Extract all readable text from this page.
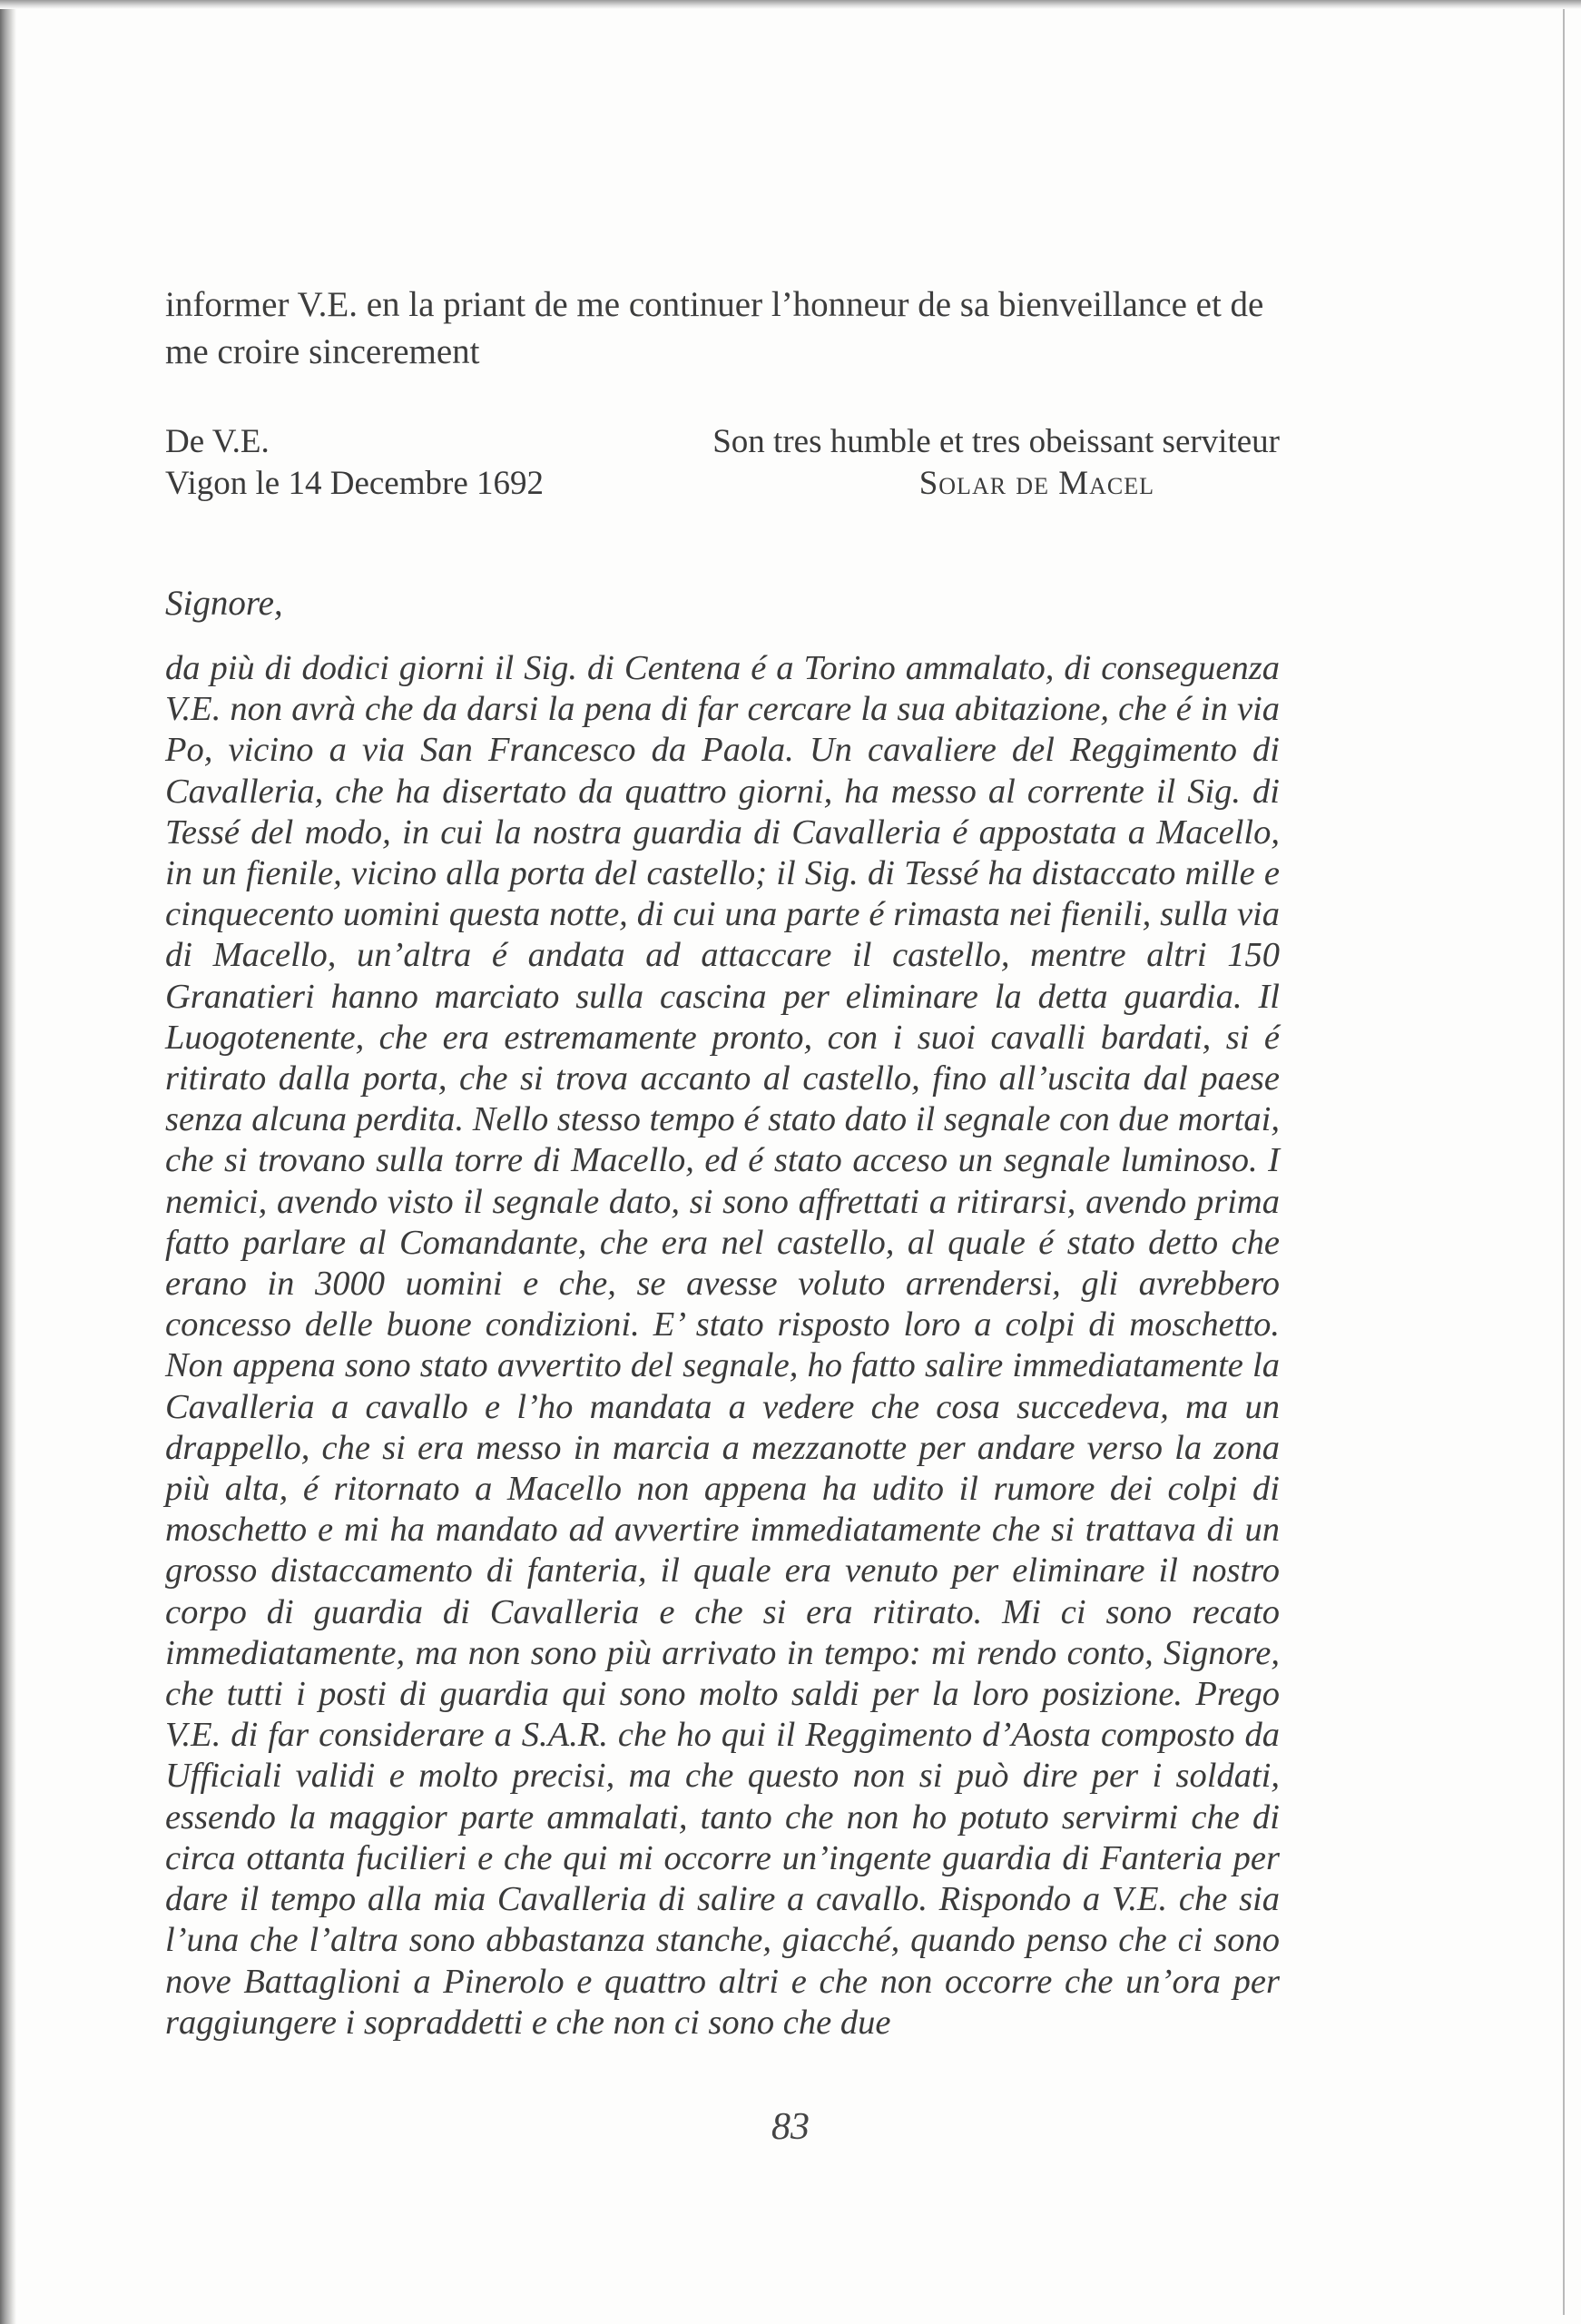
informer V.E. en la priant de me continuer l’honneur de sa bienveillance et de me croire sincerement

De V.E.
Vigon le 14 Decembre 1692
Son tres humble et tres obeissant serviteur
Solar de Macel
Signore,

da più di dodici giorni il Sig. di Centena é a Torino ammalato, di conseguenza V.E. non avrà che da darsi la pena di far cercare la sua abitazione, che é in via Po, vicino a via San Francesco da Paola. Un cavaliere del Reggimento di Cavalleria, che ha disertato da quattro giorni, ha messo al corrente il Sig. di Tessé del modo, in cui la nostra guardia di Cavalleria é appostata a Macello, in un fienile, vicino alla porta del castello; il Sig. di Tessé ha distaccato mille e cinquecento uomini questa notte, di cui una parte é rimasta nei fienili, sulla via di Macello, un’altra é andata ad attaccare il castello, mentre altri 150 Granatieri hanno marciato sulla cascina per eliminare la detta guardia. Il Luogotenente, che era estremamente pronto, con i suoi cavalli bardati, si é ritirato dalla porta, che si trova accanto al castello, fino all’uscita dal paese senza alcuna perdita. Nello stesso tempo é stato dato il segnale con due mortai, che si trovano sulla torre di Macello, ed é stato acceso un segnale luminoso. I nemici, avendo visto il segnale dato, si sono affrettati a ritirarsi, avendo prima fatto parlare al Comandante, che era nel castello, al quale é stato detto che erano in 3000 uomini e che, se avesse voluto arrendersi, gli avrebbero concesso delle buone condizioni. E’ stato risposto loro a colpi di moschetto. Non appena sono stato avvertito del segnale, ho fatto salire immediatamente la Cavalleria a cavallo e l’ho mandata a vedere che cosa succedeva, ma un drappello, che si era messo in marcia a mezzanotte per andare verso la zona più alta, é ritornato a Macello non appena ha udito il rumore dei colpi di moschetto e mi ha mandato ad avvertire immediatamente che si trattava di un grosso distaccamento di fanteria, il quale era venuto per eliminare il nostro corpo di guardia di Cavalleria e che si era ritirato. Mi ci sono recato immediatamente, ma non sono più arrivato in tempo: mi rendo conto, Signore, che tutti i posti di guardia qui sono molto saldi per la loro posizione. Prego V.E. di far considerare a S.A.R. che ho qui il Reggimento d’Aosta composto da Ufficiali validi e molto precisi, ma che questo non si può dire per i soldati, essendo la maggior parte ammalati, tanto che non ho potuto servirmi che di circa ottanta fucilieri e che qui mi occorre un’ingente guardia di Fanteria per dare il tempo alla mia Cavalleria di salire a cavallo. Rispondo a V.E. che sia l’una che l’altra sono abbastanza stanche, giacché, quando penso che ci sono nove Battaglioni a Pinerolo e quattro altri e che non occorre che un’ora per raggiungere i sopraddetti e che non ci sono che due

83
